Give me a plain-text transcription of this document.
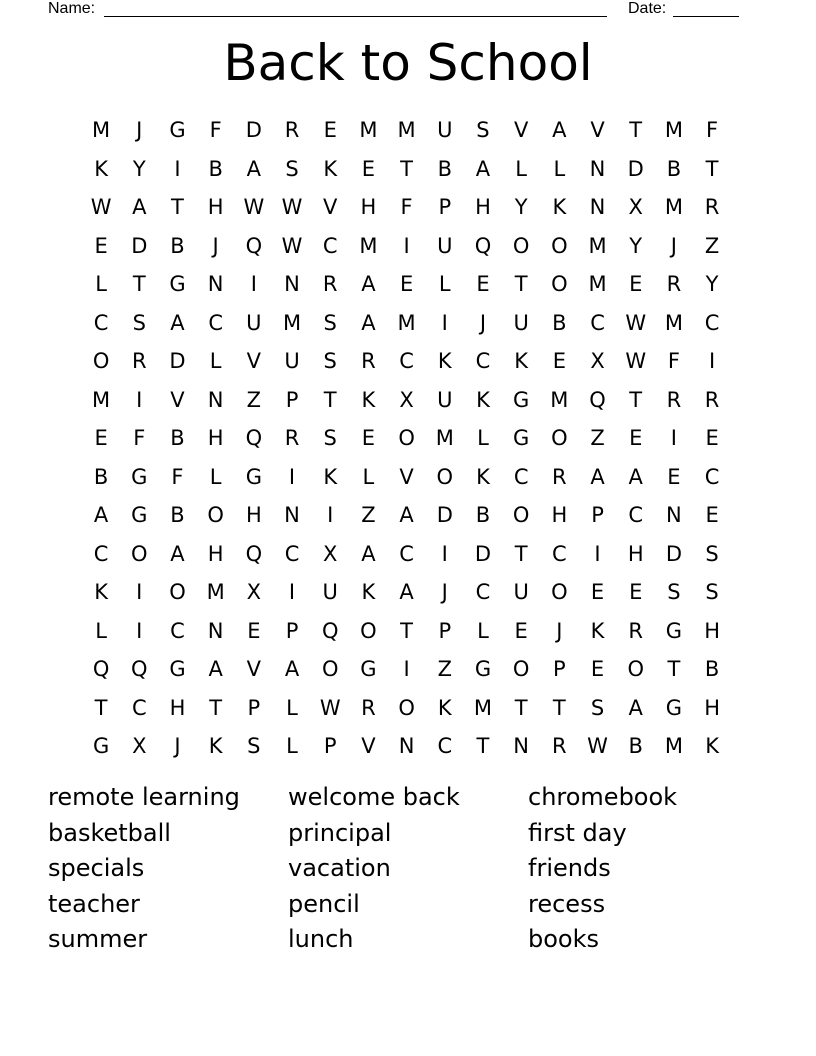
Name:	Date:
Back to School
M	J	G	F	D	R	E	M M	U	S	V	A	V	T	M	F
K	Y	I	B	A	S	K	E	T	B	A	L	L	N	D	B	T
W A	T	H W W V	H	F	P	H	Y	K	N	X	M	R
E	D	B	J	Q W C	M	I	U	Q	O	O M	Y	J	Z
L	T	G	N	I	N	R	A	E	L	E	T	O M	E	R	Y
C	S	A	C	U	M	S	A	M	I	J	U	B	C W M	C
O	R	D	L	V	U	S	R	C	K	C	K	E	X W	F	I
M	I	V	N	Z	P	T	K	X	U	K	G M Q	T	R	R
E	F	B	H	Q	R	S	E	O M	L	G	O	Z	E	I	E
B	G	F	L	G	I	K	L	V	O	K	C	R	A	A	E	C
A	G	B	O	H	N	I	Z	A	D	B	O	H	P	C	N	E
C	O	A	H	Q	C	X	A	C	I	D	T	C	I	H	D	S
K	I	O M	X	I	U	K	A	J	C	U	O	E	E	S	S
L	I	C	N	E	P	Q	O	T	P	L	E	J	K	R	G	H
Q	Q	G	A	V	A	O	G	I	Z	G	O	P	E	O	T	B
T	C	H	T	P	L	W R	O	K	M	T	T	S	A	G	H
G	X	J	K	S	L	P	V	N	C	T	N	R W B	M	K
remote learning	welcome back	chromebook
basketball	principal	first day
specials	vacation	friends
teacher	pencil	recess
summer	lunch	books
